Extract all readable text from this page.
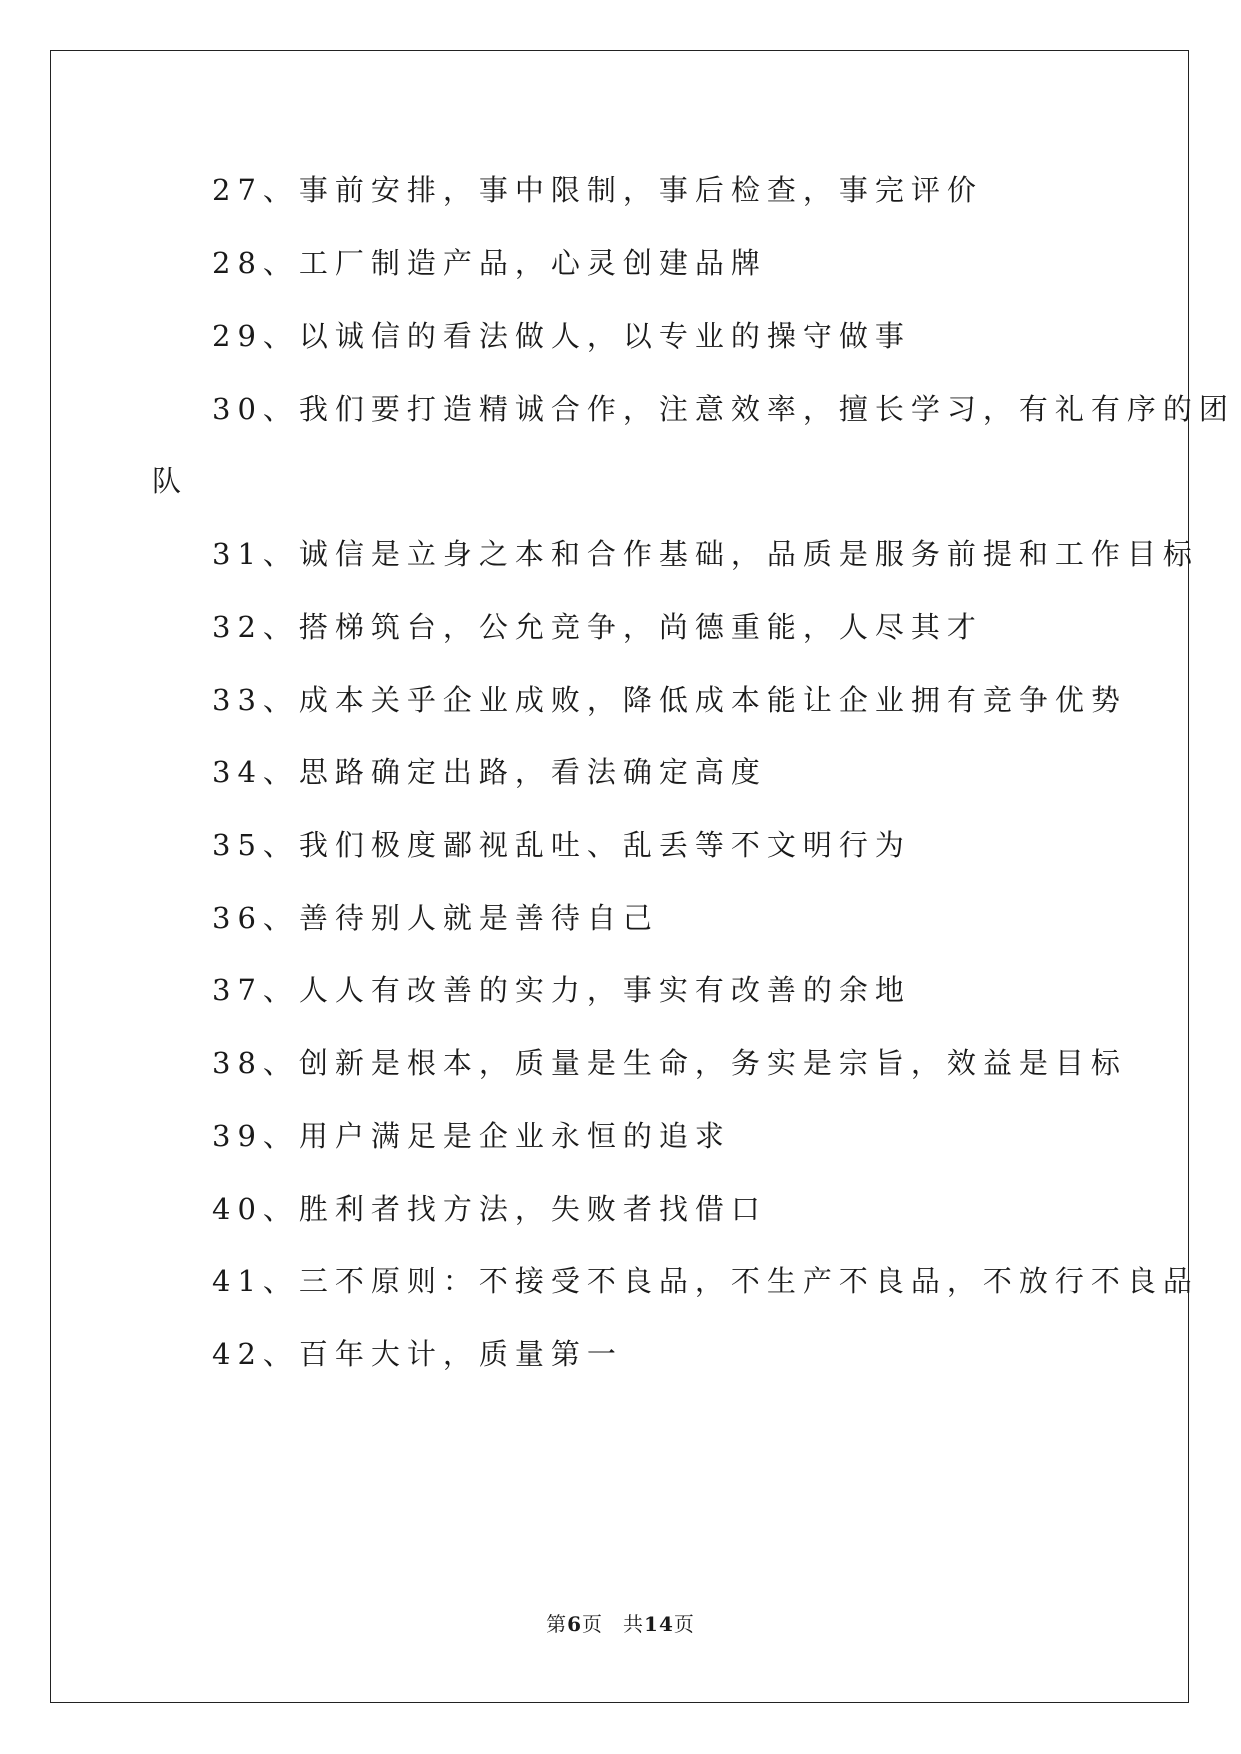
27、事前安排，事中限制，事后检查，事完评价
28、工厂制造产品，心灵创建品牌
29、以诚信的看法做人，以专业的操守做事
30、我们要打造精诚合作，注意效率，擅长学习，有礼有序的团
队
31、诚信是立身之本和合作基础，品质是服务前提和工作目标
32、搭梯筑台，公允竞争，尚德重能，人尽其才
33、成本关乎企业成败，降低成本能让企业拥有竞争优势
34、思路确定出路，看法确定高度
35、我们极度鄙视乱吐、乱丢等不文明行为
36、善待别人就是善待自己
37、人人有改善的实力，事实有改善的余地
38、创新是根本，质量是生命，务实是宗旨，效益是目标
39、用户满足是企业永恒的追求
40、胜利者找方法，失败者找借口
41、三不原则：不接受不良品，不生产不良品，不放行不良品
42、百年大计，质量第一
第6页 共14页
